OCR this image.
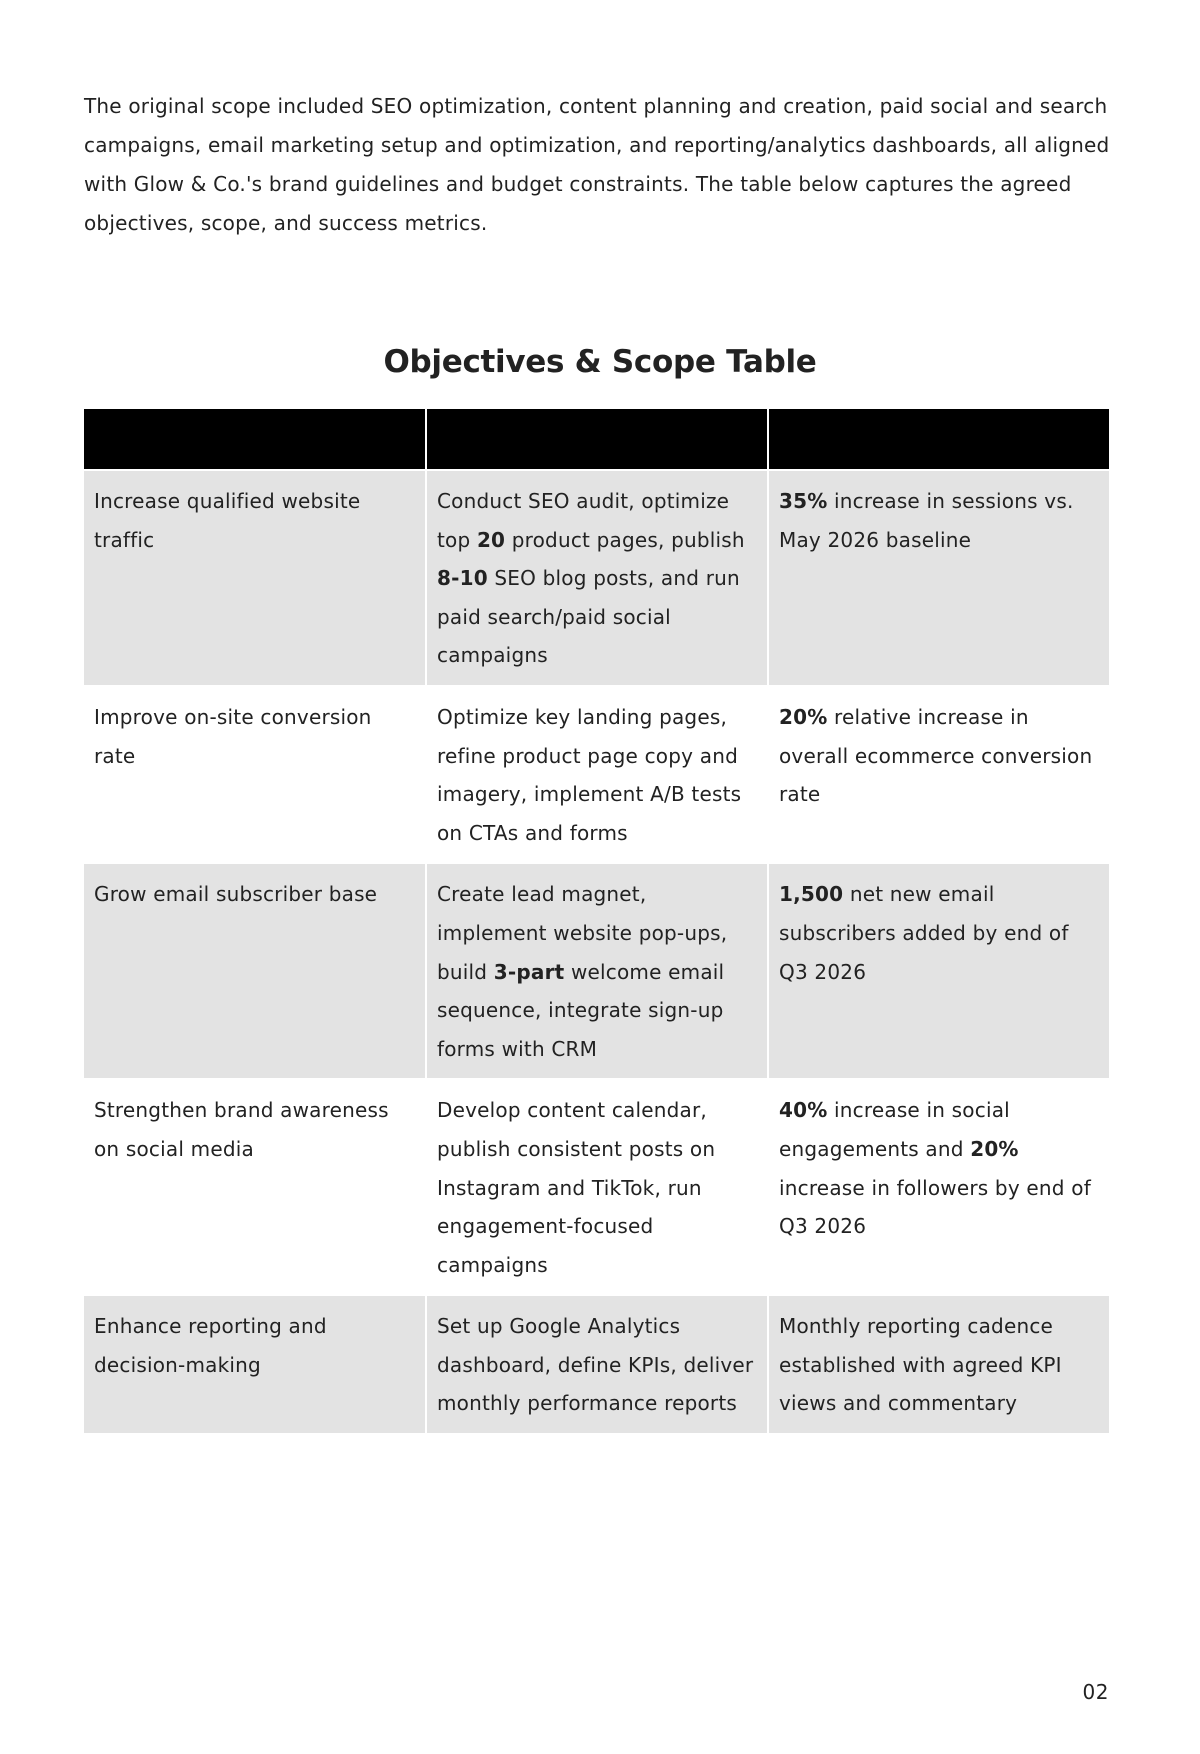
The original scope included SEO optimization, content planning and creation, paid social and search campaigns, email marketing setup and optimization, and reporting/analytics dashboards, all aligned with Glow & Co.'s brand guidelines and budget constraints. The table below captures the agreed objectives, scope, and success metrics.

Objectives & Scope Table

Increase qualified website traffic	Conduct SEO audit, optimize top 20 product pages, publish 8-10 SEO blog posts, and run paid search/paid social campaigns	35% increase in sessions vs. May 2026 baseline

Improve on-site conversion rate	Optimize key landing pages, refine product page copy and imagery, implement A/B tests on CTAs and forms	20% relative increase in overall ecommerce conversion rate

Grow email subscriber base	Create lead magnet, implement website pop-ups, build 3-part welcome email sequence, integrate sign-up forms with CRM	1,500 net new email subscribers added by end of Q3 2026

Strengthen brand awareness on social media	Develop content calendar, publish consistent posts on Instagram and TikTok, run engagement-focused campaigns	40% increase in social engagements and 20% increase in followers by end of Q3 2026

Enhance reporting and decision-making	Set up Google Analytics dashboard, define KPIs, deliver monthly performance reports	Monthly reporting cadence established with agreed KPI views and commentary
02
